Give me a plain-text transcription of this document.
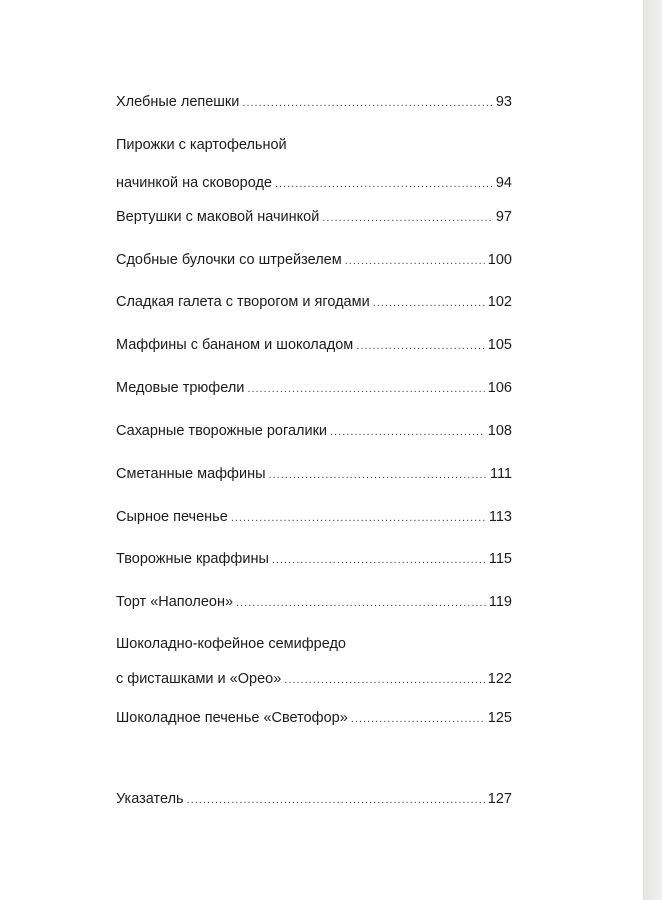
Хлебные лепешки .....	93
Пирожки с картофельной
начинкой на сковороде .....	94
Вертушки с маковой начинкой .....	97
Сдобные булочки со штрейзелем .....	100
Сладкая галета с творогом и ягодами .....	102
Маффины с бананом и шоколадом .....	105
Медовые трюфели .....	106
Сахарные творожные рогалики .....	108
Сметанные маффины .....	111
Сырное печенье .....	113
Творожные краффины .....	115
Торт «Наполеон» .....	119
Шоколадно-кофейное семифредо
с фисташками и «Орео» .....	122
Шоколадное печенье «Светофор» .....	125
Указатель .....	127
